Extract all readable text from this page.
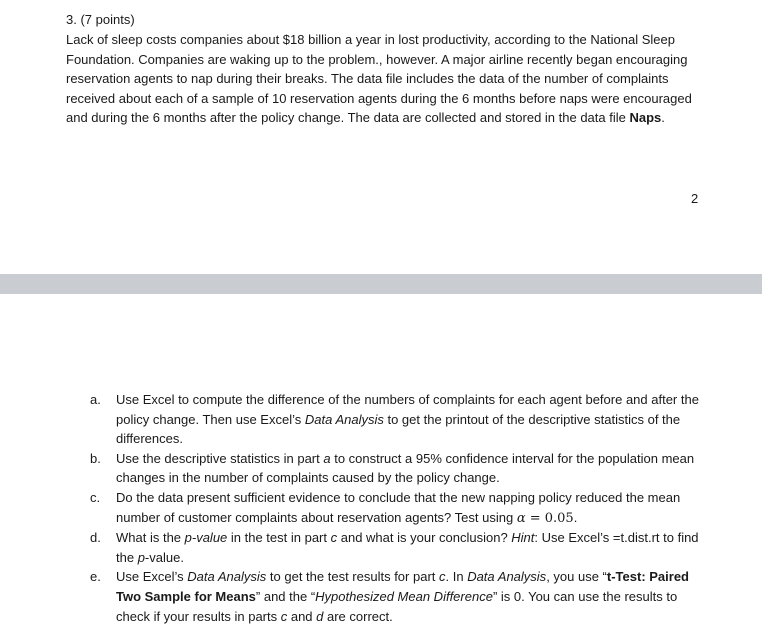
3. (7 points)
Lack of sleep costs companies about $18 billion a year in lost productivity, according to the National Sleep Foundation. Companies are waking up to the problem., however. A major airline recently began encouraging reservation agents to nap during their breaks. The data file includes the data of the number of complaints received about each of a sample of 10 reservation agents during the 6 months before naps were encouraged and during the 6 months after the policy change. The data are collected and stored in the data file Naps.
2
a. Use Excel to compute the difference of the numbers of complaints for each agent before and after the policy change. Then use Excel’s Data Analysis to get the printout of the descriptive statistics of the differences.
b. Use the descriptive statistics in part a to construct a 95% confidence interval for the population mean changes in the number of complaints caused by the policy change.
c. Do the data present sufficient evidence to conclude that the new napping policy reduced the mean number of customer complaints about reservation agents? Test using α = 0.05.
d. What is the p-value in the test in part c and what is your conclusion? Hint: Use Excel’s =t.dist.rt to find the p-value.
e. Use Excel’s Data Analysis to get the test results for part c. In Data Analysis, you use “t-Test: Paired Two Sample for Means” and the “Hypothesized Mean Difference” is 0. You can use the results to check if your results in parts c and d are correct.
